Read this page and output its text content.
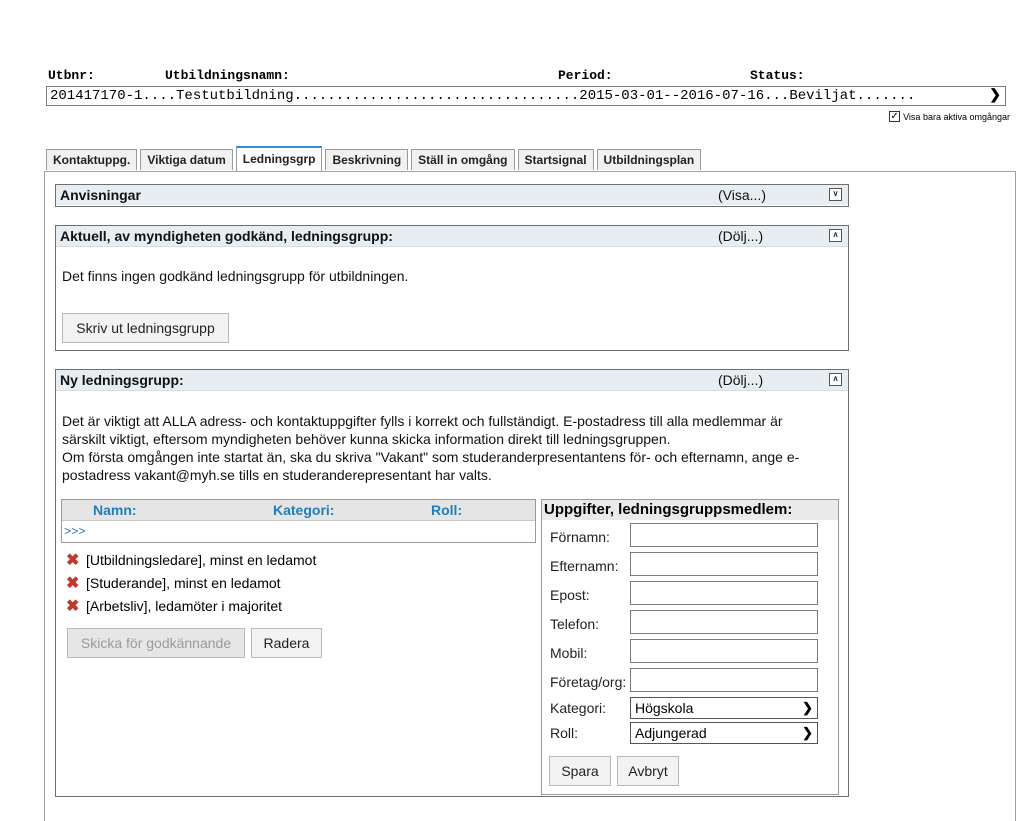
Utbnr:	Utbildningsnamn:	Period:	Status:
201417170-1....Testutbildning..................................2015-03-01--2016-07-16...Beviljat.......	❯
✓ Visa bara aktiva omgångar
Kontaktuppg.	Viktiga datum	Ledningsgrp	Beskrivning	Ställ in omgång	Startsignal	Utbildningsplan
Anvisningar	(Visa...)	∨
Aktuell, av myndigheten godkänd, ledningsgrupp:	(Dölj...)	∧
Det finns ingen godkänd ledningsgrupp för utbildningen.
Skriv ut ledningsgrupp
Ny ledningsgrupp:	(Dölj...)	∧
Det är viktigt att ALLA adress- och kontaktuppgifter fylls i korrekt och fullständigt. E-postadress till alla medlemmar är
särskilt viktigt, eftersom myndigheten behöver kunna skicka information direkt till ledningsgruppen.
Om första omgången inte startat än, ska du skriva "Vakant" som studeranderpresentantens för- och efternamn, ange e-
postadress vakant@myh.se tills en studeranderepresentant har valts.
Namn:	Kategori:	Roll:
>>>
✖ [Utbildningsledare], minst en ledamot
✖ [Studerande], minst en ledamot
✖ [Arbetsliv], ledamöter i majoritet
Skicka för godkännande	Radera
Uppgifter, ledningsgruppsmedlem:
Förnamn:
Efternamn:
Epost:
Telefon:
Mobil:
Företag/org:
Kategori:	Högskola	❯
Roll:	Adjungerad	❯
Spara	Avbryt
